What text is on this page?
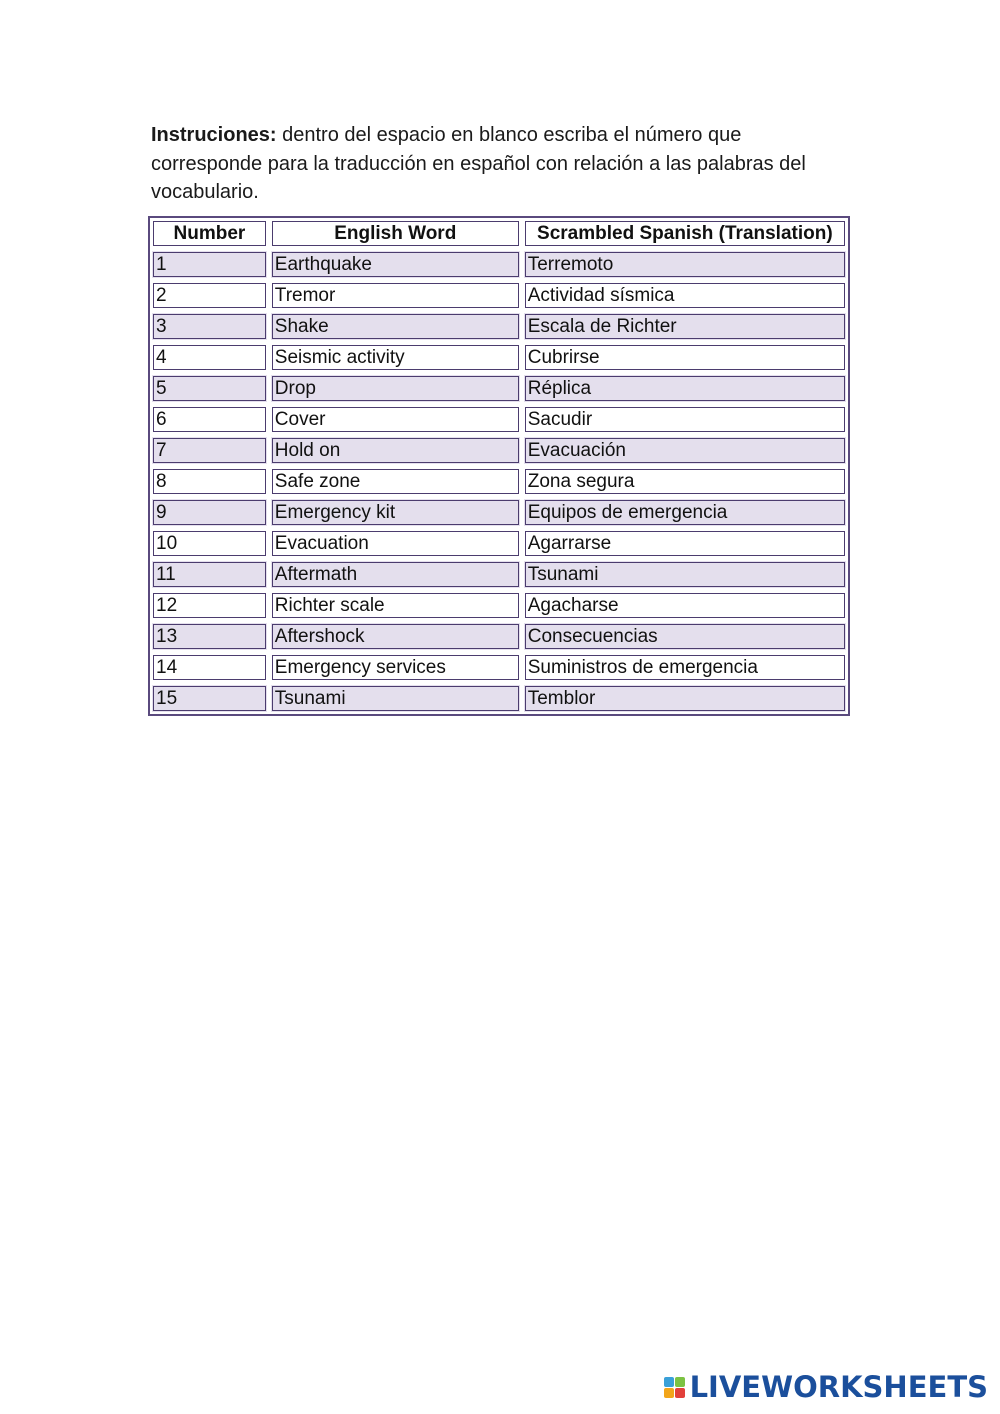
Instruciones: dentro del espacio en blanco escriba el número que corresponde para la traducción en español con relación a las palabras del vocabulario.
Number	English Word	Scrambled Spanish (Translation)
1	Earthquake	Terremoto
2	Tremor	Actividad sísmica
3	Shake	Escala de Richter
4	Seismic activity	Cubrirse
5	Drop	Réplica
6	Cover	Sacudir
7	Hold on	Evacuación
8	Safe zone	Zona segura
9	Emergency kit	Equipos de emergencia
10	Evacuation	Agarrarse
11	Aftermath	Tsunami
12	Richter scale	Agacharse
13	Aftershock	Consecuencias
14	Emergency services	Suministros de emergencia
15	Tsunami	Temblor
LIVEWORKSHEETS
